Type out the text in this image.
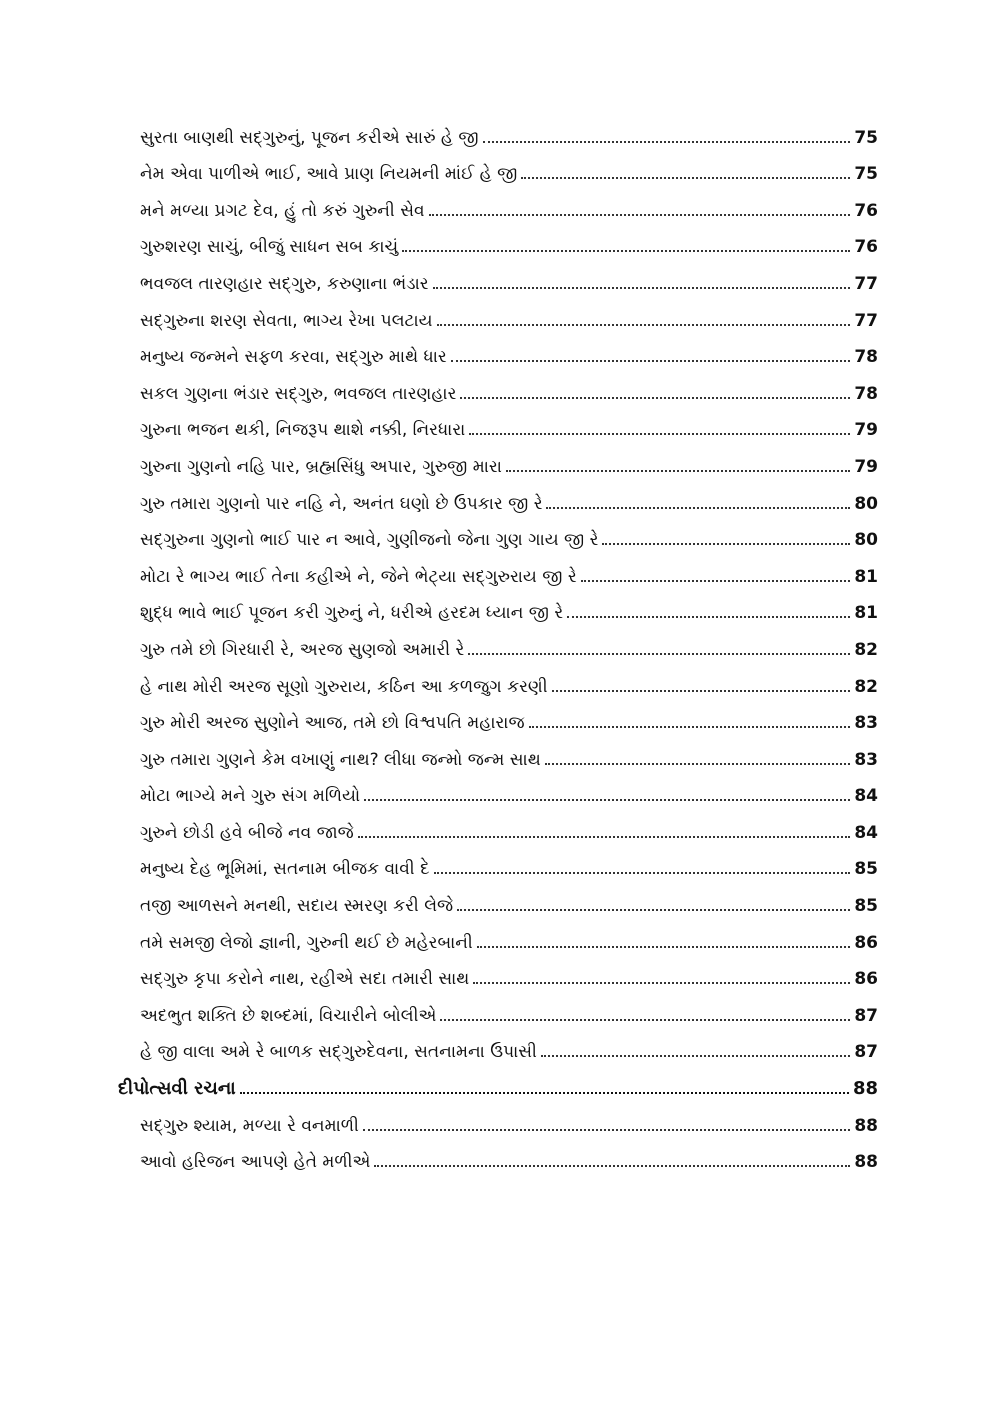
સુરતા બાણથી સદ્ગુરુનું, પૂજન કરીએ સારું હે જી	75
નેમ એવા પાળીએ ભાઈ, આવે પ્રાણ નિયમની માંઈ હે જી	75
મને મળ્યા પ્રગટ દેવ, હું તો કરું ગુરુની સેવ	76
ગુરુશરણ સાચું, બીજું સાધન સબ કાચું	76
ભવજલ તારણહાર સદ્ગુરુ, કરુણાના ભંડાર	77
સદ્ગુરુના શરણ સેવતા, ભાગ્ય રેખા પલટાય	77
મનુષ્ય જન્મને સફળ કરવા, સદ્ગુરુ માથે ધાર	78
સકલ ગુણના ભંડાર સદ્ગુરુ, ભવજલ તારણહાર	78
ગુરુના ભજન થકી, નિજરૂપ થાશે નક્કી, નિરધારા	79
ગુરુના ગુણનો નહિ પાર, બ્રહ્મસિંધુ અપાર, ગુરુજી મારા	79
ગુરુ તમારા ગુણનો પાર નહિ ને, અનંત ઘણો છે ઉપકાર જી રે	80
સદ્ગુરુના ગુણનો ભાઈ પાર ન આવે, ગુણીજનો જેના ગુણ ગાય જી રે	80
મોટા રે ભાગ્ય ભાઈ તેના કહીએ ને, જેને ભેટ્યા સદ્ગુરુરાય જી રે	81
શુદ્ધ ભાવે ભાઈ પૂજન કરી ગુરુનું ને, ધરીએ હરદમ ધ્યાન જી રે	81
ગુરુ તમે છો ગિરધારી રે, અરજ સુણજો અમારી રે	82
હે નાથ મોરી અરજ સૂણો ગુરુરાય, કઠિન આ કળજુગ કરણી	82
ગુરુ મોરી અરજ સુણોને આજ, તમે છો વિશ્વપતિ મહારાજ	83
ગુરુ તમારા ગુણને કેમ વખાણું નાથ? લીધા જન્મો જન્મ સાથ	83
મોટા ભાગ્યે મને ગુરુ સંગ મળિયો	84
ગુરુને છોડી હવે બીજે નવ જાજે	84
મનુષ્ય દેહ ભૂમિમાં, સતનામ બીજક વાવી દે	85
તજી આળસને મનથી, સદાય સ્મરણ કરી લેજે	85
તમે સમજી લેજો જ્ઞાની, ગુરુની થઈ છે મહેરબાની	86
સદ્ગુરુ કૃપા કરોને નાથ, રહીએ સદા તમારી સાથ	86
અદભુત શક્તિ છે શબ્દમાં, વિચારીને બોલીએ	87
હે જી વાલા અમે રે બાળક સદ્ગુરુદેવના, સતનામના ઉપાસી	87
દીપોત્સવી રચના	88
સદ્ગુરુ શ્યામ, મળ્યા રે વનમાળી	88
આવો હરિજન આપણે હેતે મળીએ	88
